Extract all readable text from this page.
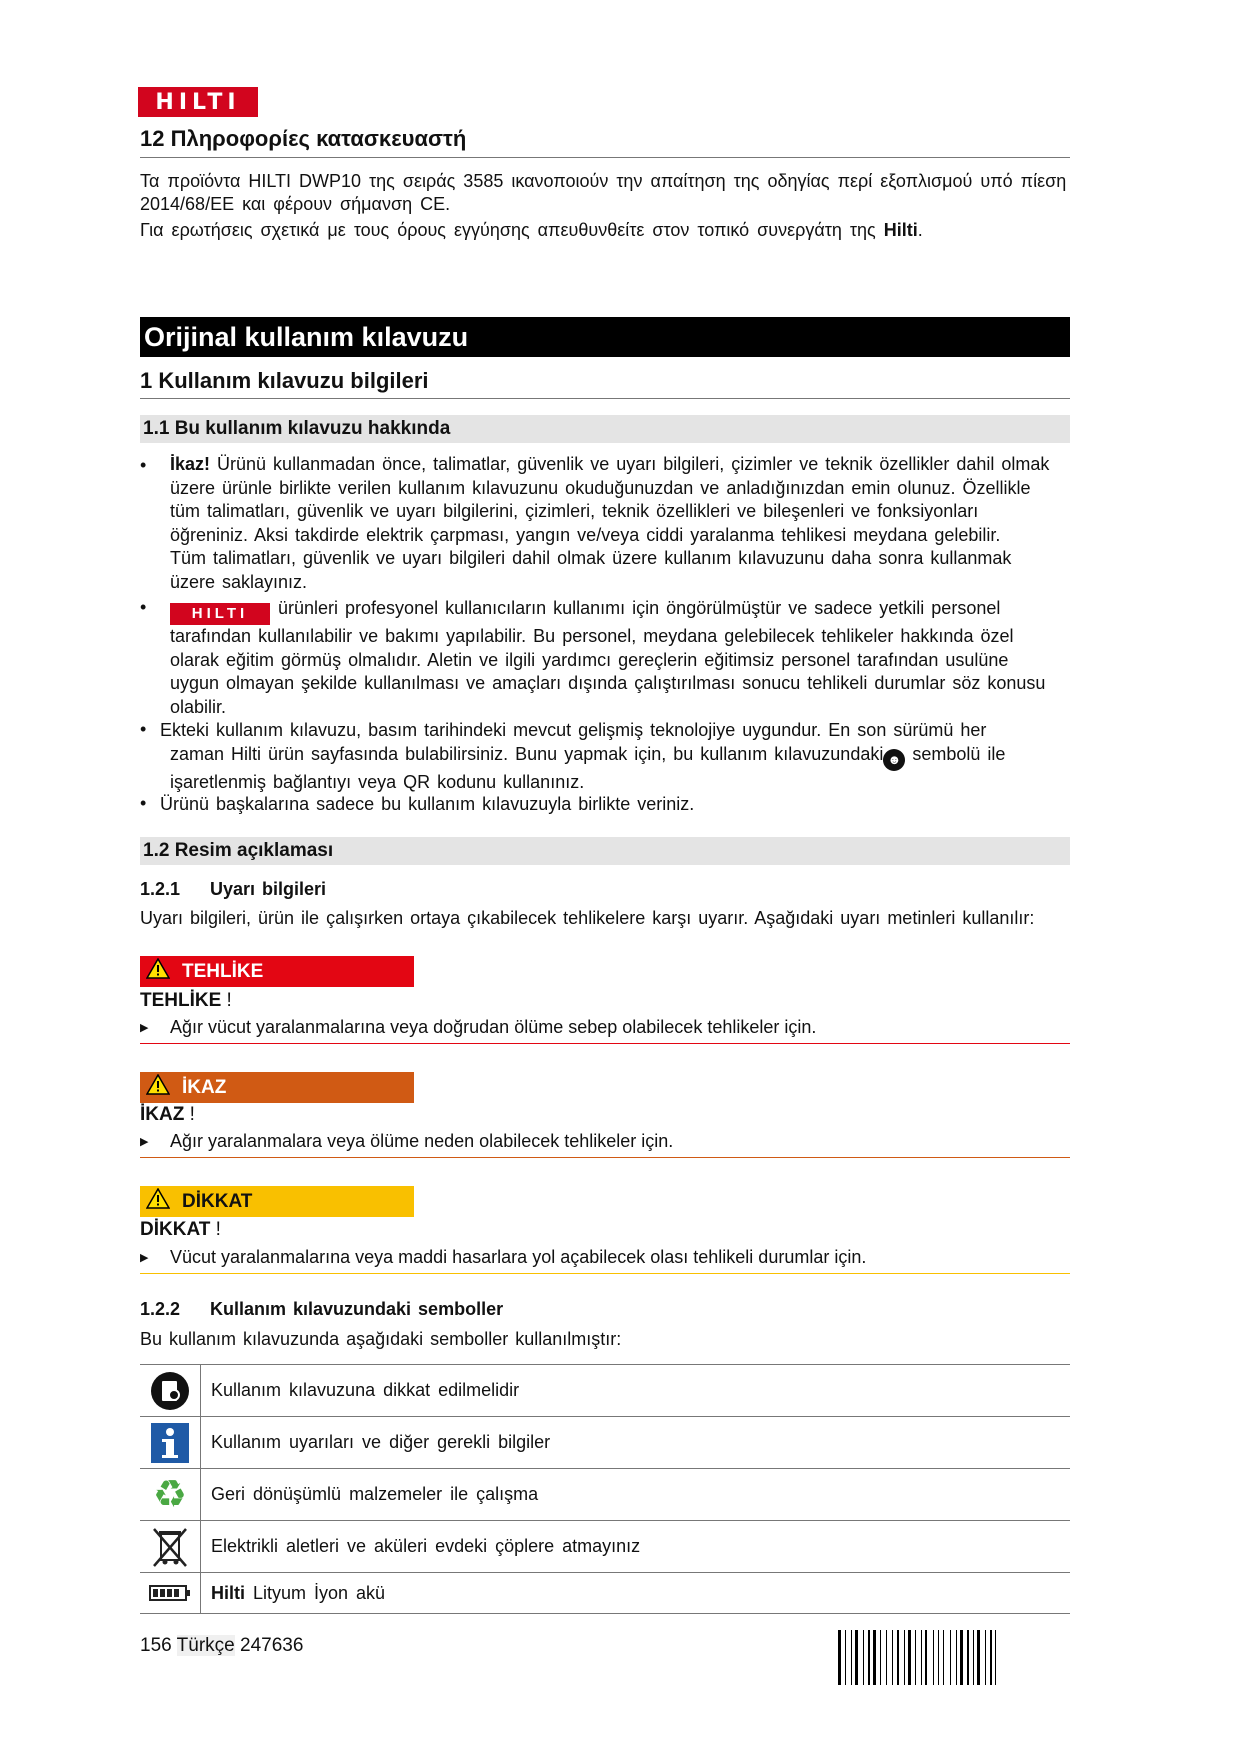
HILTI
12 Πληροφορίες κατασκευαστή
Τα προϊόντα HILTI DWP10 της σειράς 3585 ικανοποιούν την απαίτηση της οδηγίας περί εξοπλισμού υπό πίεση 2014/68/ΕΕ και φέρουν σήμανση CE.
Για ερωτήσεις σχετικά με τους όρους εγγύησης απευθυνθείτε στον τοπικό συνεργάτη της Hilti.
Orijinal kullanım kılavuzu
1 Kullanım kılavuzu bilgileri
1.1 Bu kullanım kılavuzu hakkında
• İkaz! Ürünü kullanmadan önce, talimatlar, güvenlik ve uyarı bilgileri, çizimler ve teknik özellikler dahil olmak
üzere ürünle birlikte verilen kullanım kılavuzunu okuduğunuzdan ve anladığınızdan emin olunuz. Özellikle
tüm talimatları, güvenlik ve uyarı bilgilerini, çizimleri, teknik özellikleri ve bileşenleri ve fonksiyonları
öğreniniz. Aksi takdirde elektrik çarpması, yangın ve/veya ciddi yaralanma tehlikesi meydana gelebilir.
Tüm talimatları, güvenlik ve uyarı bilgileri dahil olmak üzere kullanım kılavuzunu daha sonra kullanmak
üzere saklayınız.
•	HILTI ürünleri profesyonel kullanıcıların kullanımı için öngörülmüştür ve sadece yetkili personel
tarafından kullanılabilir ve bakımı yapılabilir. Bu personel, meydana gelebilecek tehlikeler hakkında özel
olarak eğitim görmüş olmalıdır. Aletin ve ilgili yardımcı gereçlerin eğitimsiz personel tarafından usulüne
uygun olmayan şekilde kullanılması ve amaçları dışında çalıştırılması sonucu tehlikeli durumlar söz konusu
olabilir.
• Ekteki kullanım kılavuzu, basım tarihindeki mevcut gelişmiş teknolojiye uygundur. En son sürümü her
zaman Hilti ürün sayfasında bulabilirsiniz. Bunu yapmak için, bu kullanım kılavuzundaki ☻ sembolü ile
işaretlenmiş bağlantıyı veya QR kodunu kullanınız.
• Ürünü başkalarına sadece bu kullanım kılavuzuyla birlikte veriniz.
1.2 Resim açıklaması
1.2.1 Uyarı bilgileri
Uyarı bilgileri, ürün ile çalışırken ortaya çıkabilecek tehlikelere karşı uyarır. Aşağıdaki uyarı metinleri kullanılır:
TEHLİKE
TEHLİKE !
▶ Ağır vücut yaralanmalarına veya doğrudan ölüme sebep olabilecek tehlikeler için.
İKAZ
İKAZ !
▶ Ağır yaralanmalara veya ölüme neden olabilecek tehlikeler için.
DİKKAT
DİKKAT !
▶ Vücut yaralanmalarına veya maddi hasarlara yol açabilecek olası tehlikeli durumlar için.
1.2.2 Kullanım kılavuzundaki semboller
Bu kullanım kılavuzunda aşağıdaki semboller kullanılmıştır:
Kullanım kılavuzuna dikkat edilmelidir
Kullanım uyarıları ve diğer gerekli bilgiler
♻	Geri dönüşümlü malzemeler ile çalışma
Elektrikli aletleri ve aküleri evdeki çöplere atmayınız
Hilti Lityum İyon akü
156 Türkçe 247636
